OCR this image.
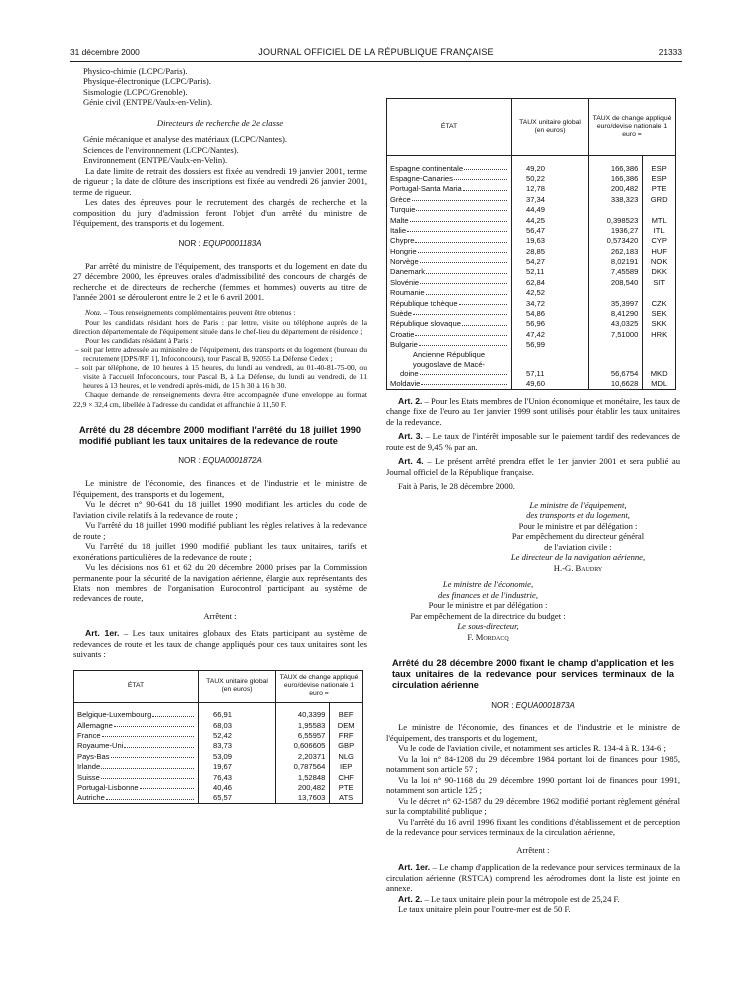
31 décembre 2000	JOURNAL OFFICIEL DE LA RÉPUBLIQUE FRANÇAISE	21333

Physico-chimie (LCPC/Paris).

Physique-électronique (LCPC/Paris).

Sismologie (LCPC/Grenoble).

Génie civil (ENTPE/Vaulx-en-Velin).

Directeurs de recherche de 2e classe

Génie mécanique et analyse des matériaux (LCPC/Nantes).

Sciences de l'environnement (LCPC/Nantes).

Environnement (ENTPE/Vaulx-en-Velin).

La date limite de retrait des dossiers est fixée au vendredi 19 janvier 2001, terme de rigueur ; la date de clôture des inscriptions est fixée au vendredi 26 janvier 2001, terme de rigueur.

Les dates des épreuves pour le recrutement des chargés de recherche et la composition du jury d'admission feront l'objet d'un arrêté du ministre de l'équipement, des transports et du logement.

NOR : EQUP0001183A

Par arrêté du ministre de l'équipement, des transports et du logement en date du 27 décembre 2000, les épreuves orales d'admissibilité des concours de chargés de recherche et de directeurs de recherche (femmes et hommes) ouverts au titre de l'année 2001 se dérouleront entre le 2 et le 6 avril 2001.

Nota. – Tous renseignements complémentaires peuvent être obtenus :

Pour les candidats résidant hors de Paris : par lettre, visite ou téléphone auprès de la direction départementale de l'équipement située dans le chef-lieu du département de résidence ;

Pour les candidats résidant à Paris :

– soit par lettre adressée au ministère de l'équipement, des transports et du logement (bureau du recrutement [DPS/RF 1], Infoconcours), tour Pascal B, 92055 La Défense Cedex ;

– soit par téléphone, de 10 heures à 15 heures, du lundi au vendredi, au 01-40-81-75-00, ou visite à l'accueil Infoconcours, tour Pascal B, à La Défense, du lundi au vendredi, de 11 heures à 13 heures, et le vendredi après-midi, de 15 h 30 à 16 h 30.

Chaque demande de renseignements devra être accompagnée d'une enveloppe au format 22,9 × 32,4 cm, libellée à l'adresse du candidat et affranchie à 11,50 F.

Arrêté du 28 décembre 2000 modifiant l'arrêté du 18 juillet 1990 modifié publiant les taux unitaires de la redevance de route

NOR : EQUA0001872A

Le ministre de l'économie, des finances et de l'industrie et le ministre de l'équipement, des transports et du logement,

Vu le décret n° 90-641 du 18 juillet 1990 modifiant les articles du code de l'aviation civile relatifs à la redevance de route ;

Vu l'arrêté du 18 juillet 1990 modifié publiant les règles relatives à la redevance de route ;

Vu l'arrêté du 18 juillet 1990 modifié publiant les taux unitaires, tarifs et exonérations particulières de la redevance de route ;

Vu les décisions nos 61 et 62 du 20 décembre 2000 prises par la Commission permanente pour la sécurité de la navigation aérienne, élargie aux représentants des Etats non membres de l'organisation Eurocontrol participant au système de redevances de route,

Arrêtent :

Art. 1er. – Les taux unitaires globaux des Etats participant au système de redevances de route et les taux de change appliqués pour ces taux unitaires sont les suivants :

ÉTAT	TAUX unitaire global (en euros)	TAUX de change appliqué euro/devise nationale 1 euro =	

Belgique-Luxembourg	66,91	40,3399	BEF

Allemagne	68,03	1,95583	DEM

France	52,42	6,55957	FRF

Royaume-Uni	83,73	0,606605	GBP

Pays-Bas	53,09	2,20371	NLG

Irlande	19,67	0,787564	IEP

Suisse	76,43	1,52848	CHF

Portugal-Lisbonne	40,46	200,482	PTE

Autriche	65,57	13,7603	ATS
ÉTAT	TAUX unitaire global (en euros)	TAUX de change appliqué euro/devise nationale 1 euro =	

Espagne continentale	49,20	166,386	ESP

Espagne-Canaries	50,22	166,386	ESP

Portugal-Santa Maria	12,78	200,482	PTE

Grèce	37,34	338,323	GRD

Turquie	44,49		

Malte	44,25	0,398523	MTL

Italie	56,47	1936,27	ITL

Chypre	19,63	0,573420	CYP

Hongrie	28,85	262,183	HUF

Norvège	54,27	8,02191	NOK

Danemark	52,11	7,45589	DKK

Slovénie	62,84	208,540	SIT

Roumanie	42,52		

République tchèque	34,72	35,3997	CZK

Suède	54,86	8,41290	SEK

République slovaque	56,96	43,0325	SKK

Croatie	47,42	7,51000	HRK

Bulgarie	56,99		

Ancienne République
yougoslave de Macé-
doine	57,11	56,6754	MKD

Moldavie	49,60	10,6628	MDL

Art. 2. – Pour les Etats membres de l'Union économique et monétaire, les taux de change fixe de l'euro au 1er janvier 1999 sont utilisés pour établir les taux unitaires de la redevance.

Art. 3. – Le taux de l'intérêt imposable sur le paiement tardif des redevances de route est de 9,45 % par an.

Art. 4. – Le présent arrêté prendra effet le 1er janvier 2001 et sera publié au Journal officiel de la République française.

Fait à Paris, le 28 décembre 2000.

Le ministre de l'équipement,

des transports et du logement,

Pour le ministre et par délégation :

Par empêchement du directeur général

de l'aviation civile :

Le directeur de la navigation aérienne,

H.-G. Baudry

Le ministre de l'économie,

des finances et de l'industrie,

Pour le ministre et par délégation :

Par empêchement de la directrice du budget :

Le sous-directeur,

F. Mordacq

Arrêté du 28 décembre 2000 fixant le champ d'application et les taux unitaires de la redevance pour services terminaux de la circulation aérienne

NOR : EQUA0001873A

Le ministre de l'économie, des finances et de l'industrie et le ministre de l'équipement, des transports et du logement,

Vu le code de l'aviation civile, et notamment ses articles R. 134-4 à R. 134-6 ;

Vu la loi n° 84-1208 du 29 décembre 1984 portant loi de finances pour 1985, notamment son article 57 ;

Vu la loi n° 90-1168 du 29 décembre 1990 portant loi de finances pour 1991, notamment son article 125 ;

Vu le décret n° 62-1587 du 29 décembre 1962 modifié portant règlement général sur la comptabilité publique ;

Vu l'arrêté du 16 avril 1996 fixant les conditions d'établissement et de perception de la redevance pour services terminaux de la circulation aérienne,

Arrêtent :

Art. 1er. – Le champ d'application de la redevance pour services terminaux de la circulation aérienne (RSTCA) comprend les aérodromes dont la liste est jointe en annexe.

Art. 2. – Le taux unitaire plein pour la métropole est de 25,24 F.

Le taux unitaire plein pour l'outre-mer est de 50 F.
